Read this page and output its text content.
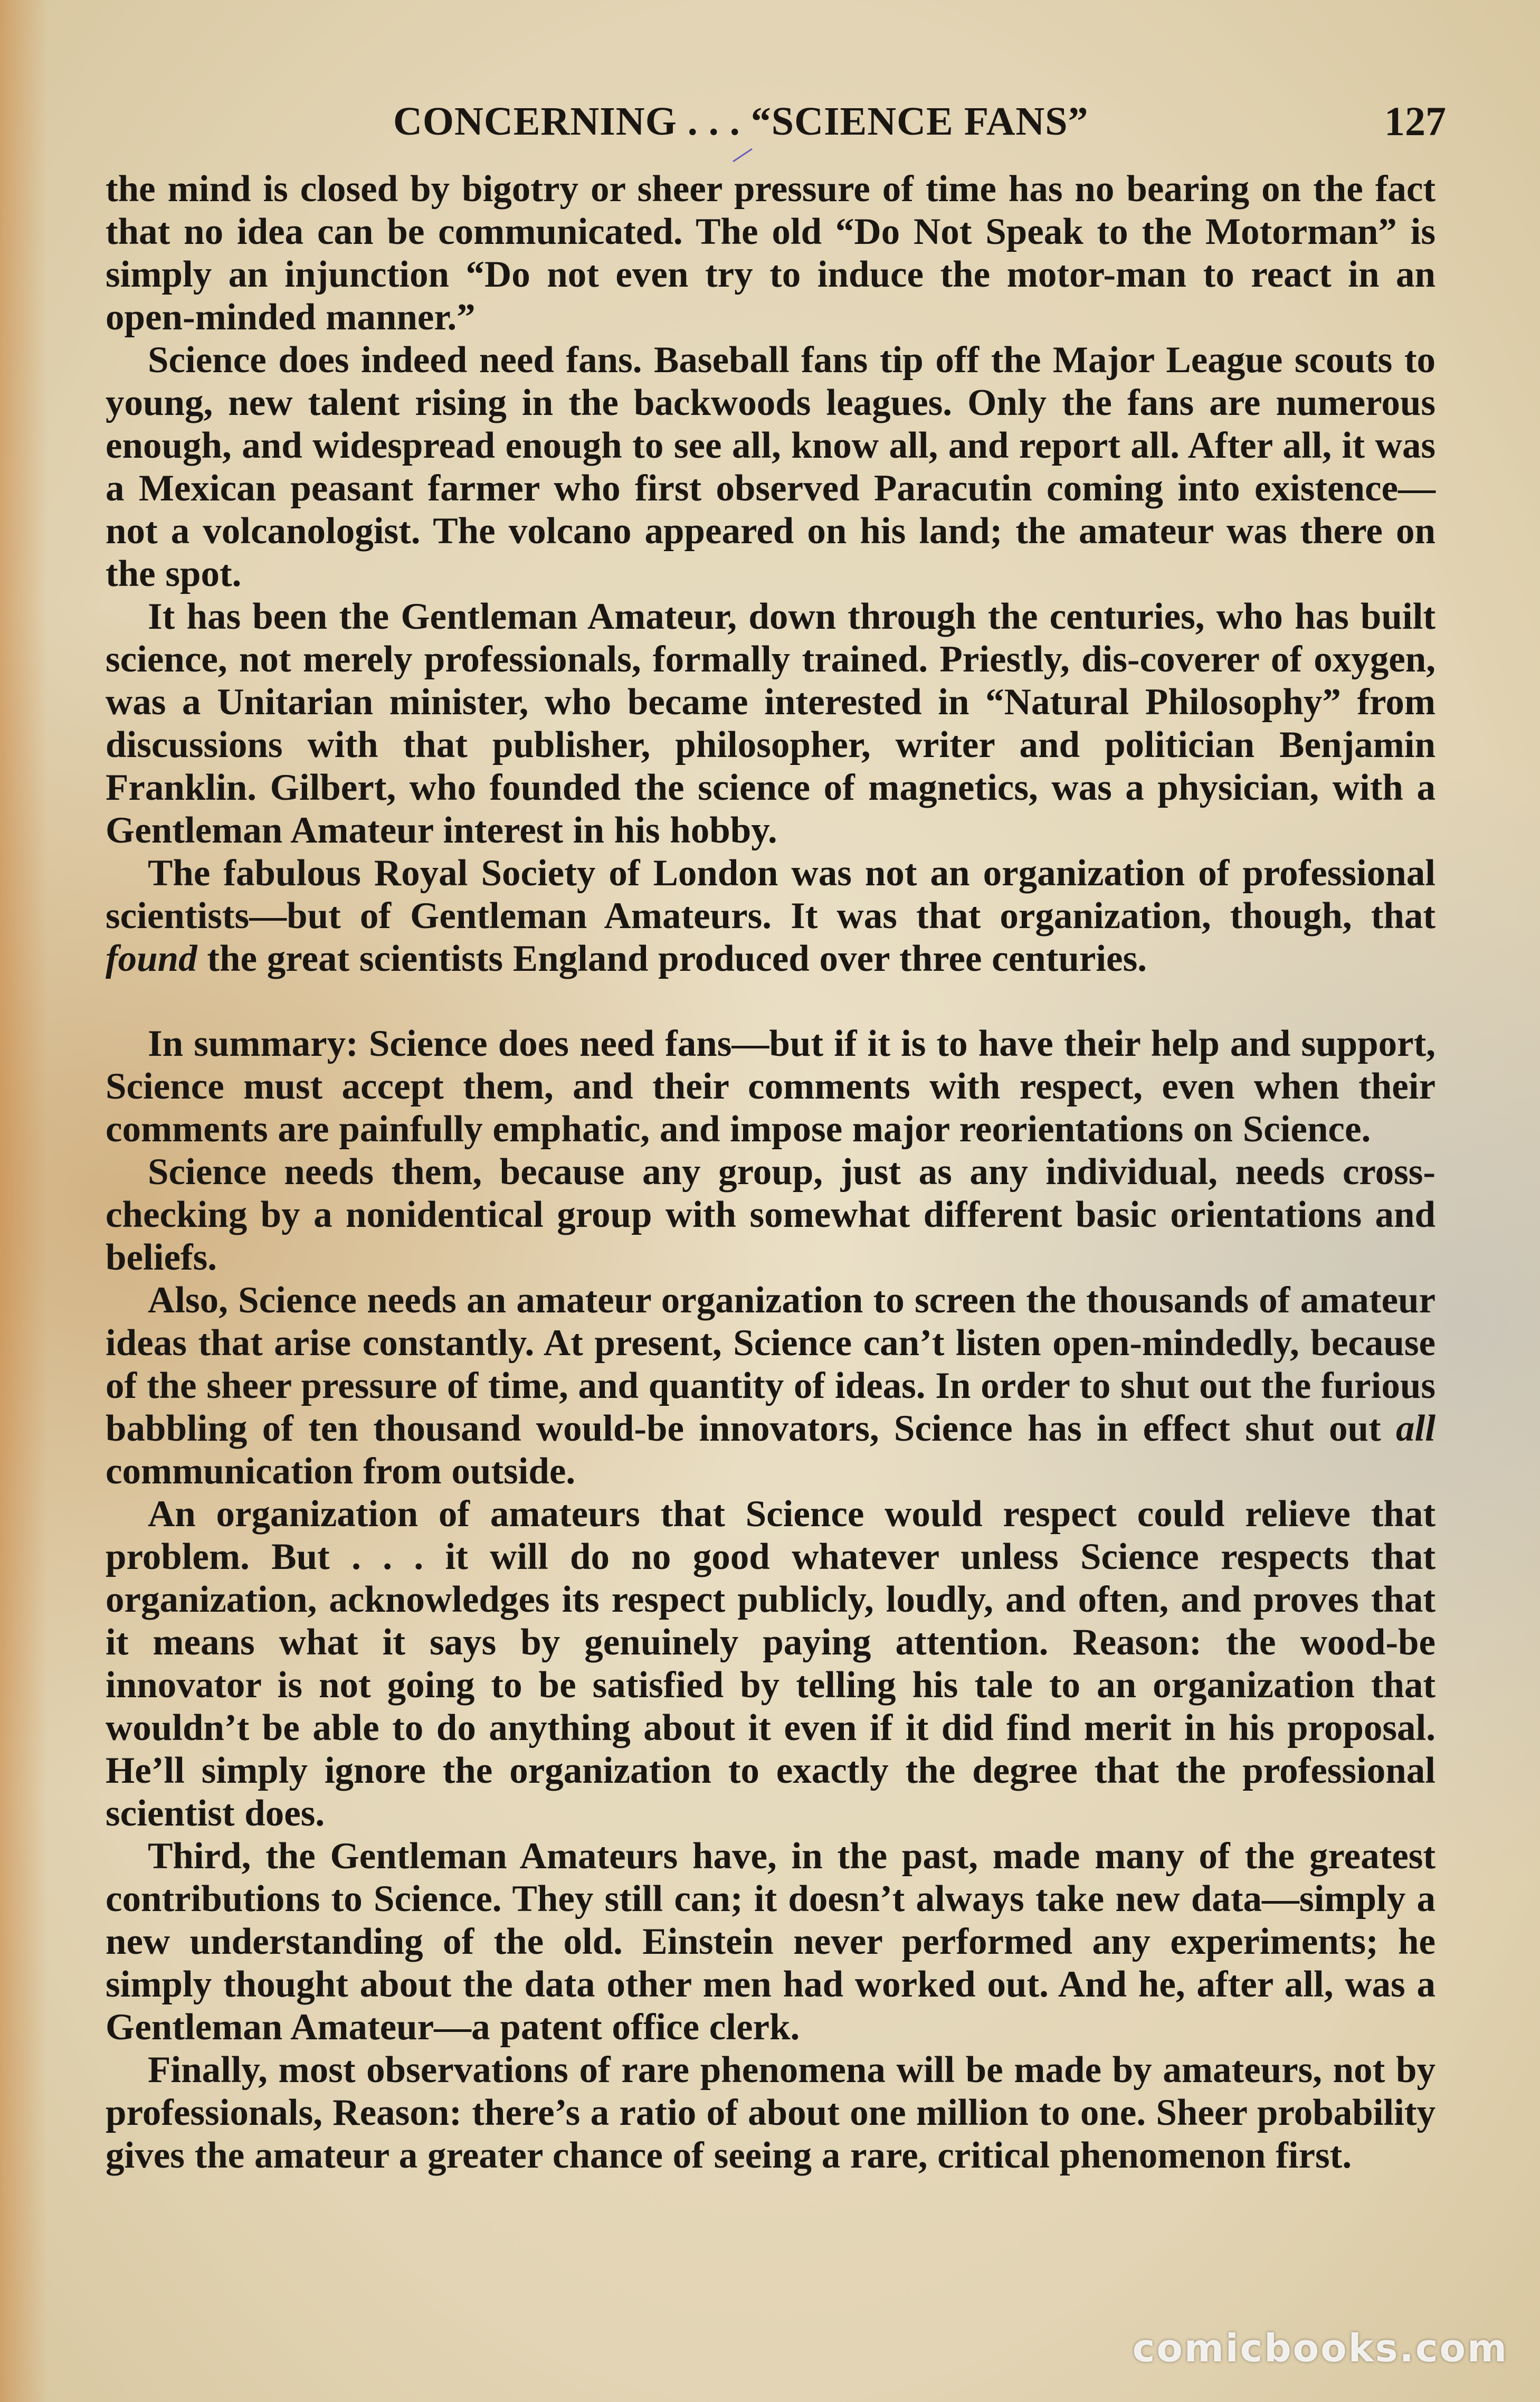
CONCERNING . . . “SCIENCE FANS”	127

the mind is closed by bigotry or sheer pressure of time has no bearing on the fact that no idea can be communicated. The old “Do Not Speak to the Motorman” is simply an injunction “Do not even try to induce the motor-man to react in an open-minded manner.”

Science does indeed need fans. Baseball fans tip off the Major League scouts to young, new talent rising in the backwoods leagues. Only the fans are numerous enough, and widespread enough to see all, know all, and report all. After all, it was a Mexican peasant farmer who first observed Paracutin coming into existence—not a volcanologist. The volcano appeared on his land; the amateur was there on the spot.

It has been the Gentleman Amateur, down through the centuries, who has built science, not merely professionals, formally trained. Priestly, dis-coverer of oxygen, was a Unitarian minister, who became interested in “Natural Philosophy” from discussions with that publisher, philosopher, writer and politician Benjamin Franklin. Gilbert, who founded the science of magnetics, was a physician, with a Gentleman Amateur interest in his hobby.

The fabulous Royal Society of London was not an organization of professional scientists—but of Gentleman Amateurs. It was that organization, though, that found the great scientists England produced over three centuries.

In summary: Science does need fans—but if it is to have their help and support, Science must accept them, and their comments with respect, even when their comments are painfully emphatic, and impose major reorientations on Science.

Science needs them, because any group, just as any individual, needs cross-checking by a nonidentical group with somewhat different basic orientations and beliefs.

Also, Science needs an amateur organization to screen the thousands of amateur ideas that arise constantly. At present, Science can’t listen open-mindedly, because of the sheer pressure of time, and quantity of ideas. In order to shut out the furious babbling of ten thousand would-be innovators, Science has in effect shut out all communication from outside.

An organization of amateurs that Science would respect could relieve that problem. But . . . it will do no good whatever unless Science respects that organization, acknowledges its respect publicly, loudly, and often, and proves that it means what it says by genuinely paying attention. Reason: the wood-be innovator is not going to be satisfied by telling his tale to an organization that wouldn’t be able to do anything about it even if it did find merit in his proposal. He’ll simply ignore the organization to exactly the degree that the professional scientist does.

Third, the Gentleman Amateurs have, in the past, made many of the greatest contributions to Science. They still can; it doesn’t always take new data—simply a new understanding of the old. Einstein never performed any experiments; he simply thought about the data other men had worked out. And he, after all, was a Gentleman Amateur—a patent office clerk.

Finally, most observations of rare phenomena will be made by amateurs, not by professionals, Reason: there’s a ratio of about one million to one. Sheer probability gives the amateur a greater chance of seeing a rare, critical phenomenon first.

comicbooks.com
